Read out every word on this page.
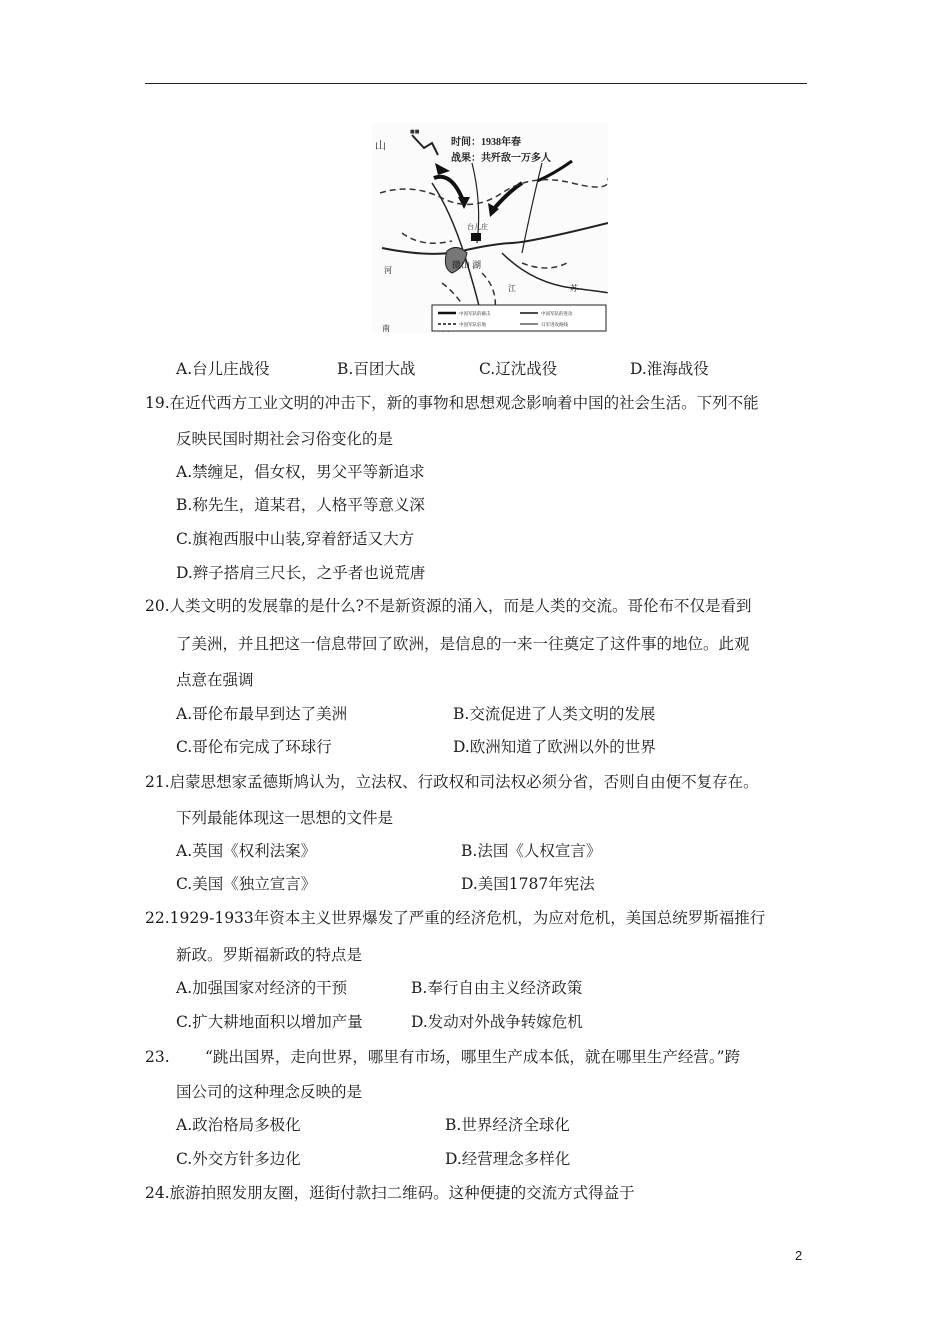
■■
山	时间：1938年春
战果：共歼敌一万多人
台儿庄
微山 湖
江	苏
河
南
中国军队的截击	中国军队的进攻
中国军队驻地	日军进攻路线
A.台儿庄战役	B.百团大战	C.辽沈战役	D.淮海战役
19.在近代西方工业文明的冲击下，新的事物和思想观念影响着中国的社会生活。下列不能
反映民国时期社会习俗变化的是
A.禁缠足，倡女权，男父平等新追求
B.称先生，道某君，人格平等意义深
C.旗袍西服中山装,穿着舒适又大方
D.辫子搭肩三尺长，之乎者也说荒唐
20.人类文明的发展靠的是什么?不是新资源的涌入，而是人类的交流。哥伦布不仅是看到
了美洲，并且把这一信息带回了欧洲，是信息的一来一往奠定了这件事的地位。此观
点意在强调
A.哥伦布最早到达了美洲	B.交流促进了人类文明的发展
C.哥伦布完成了环球行	D.欧洲知道了欧洲以外的世界
21.启蒙思想家孟德斯鸠认为，立法权、行政权和司法权必须分省，否则自由便不复存在。
下列最能体现这一思想的文件是
A.英国《权利法案》	B.法国《人权宣言》
C.美国《独立宣言》	D.美国1787年宪法
22.1929-1933年资本主义世界爆发了严重的经济危机，为应对危机，美国总统罗斯福推行
新政。罗斯福新政的特点是
A.加强国家对经济的干预	B.奉行自由主义经济政策
C.扩大耕地面积以增加产量	D.发动对外战争转嫁危机
23. “跳出国界，走向世界，哪里有市场，哪里生产成本低，就在哪里生产经营。”跨
国公司的这种理念反映的是
A.政治格局多极化	B.世界经济全球化
C.外交方针多边化	D.经营理念多样化
24.旅游拍照发朋友圈，逛街付款扫二维码。这种便捷的交流方式得益于
2
